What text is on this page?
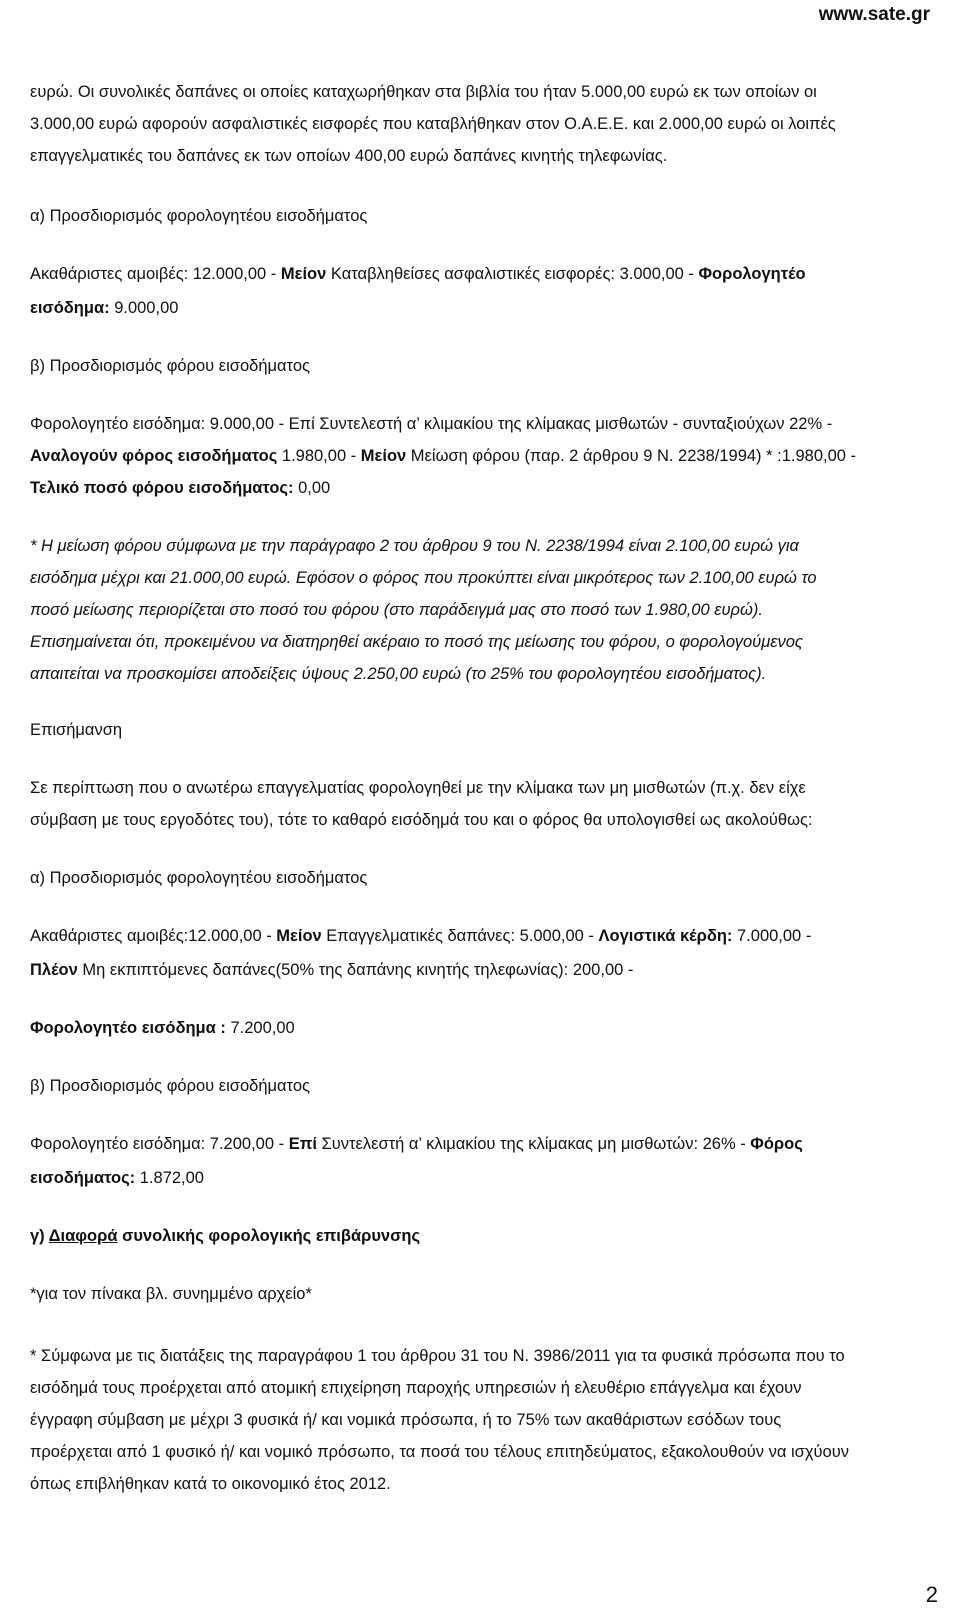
www.sate.gr
ευρώ. Οι συνολικές δαπάνες οι οποίες καταχωρήθηκαν στα βιβλία του ήταν 5.000,00 ευρώ εκ των οποίων οι
3.000,00 ευρώ αφορούν ασφαλιστικές εισφορές που καταβλήθηκαν στον Ο.Α.Ε.Ε. και 2.000,00 ευρώ οι λοιπές
επαγγελματικές του δαπάνες εκ των οποίων 400,00 ευρώ δαπάνες κινητής τηλεφωνίας.
α) Προσδιορισμός φορολογητέου εισοδήματος
Ακαθάριστες αμοιβές: 12.000,00 - Μείον Καταβληθείσες ασφαλιστικές εισφορές: 3.000,00 - Φορολογητέο
εισόδημα: 9.000,00
β) Προσδιορισμός φόρου εισοδήματος
Φορολογητέο εισόδημα: 9.000,00 - Επί Συντελεστή α’ κλιμακίου της κλίμακας μισθωτών - συνταξιούχων 22% -
Αναλογούν φόρος εισοδήματος 1.980,00 - Μείον Μείωση φόρου (παρ. 2 άρθρου 9 Ν. 2238/1994) * :1.980,00 -
Τελικό ποσό φόρου εισοδήματος: 0,00
* Η μείωση φόρου σύμφωνα με την παράγραφο 2 του άρθρου 9 του Ν. 2238/1994 είναι 2.100,00 ευρώ για
εισόδημα μέχρι και 21.000,00 ευρώ. Εφόσον ο φόρος που προκύπτει είναι μικρότερος των 2.100,00 ευρώ το
ποσό μείωσης περιορίζεται στο ποσό του φόρου (στο παράδειγμά μας στο ποσό των 1.980,00 ευρώ).
Επισημαίνεται ότι, προκειμένου να διατηρηθεί ακέραιο το ποσό της μείωσης του φόρου, ο φορολογούμενος
απαιτείται να προσκομίσει αποδείξεις ύψους 2.250,00 ευρώ (το 25% του φορολογητέου εισοδήματος).
Επισήμανση
Σε περίπτωση που ο ανωτέρω επαγγελματίας φορολογηθεί με την κλίμακα των μη μισθωτών (π.χ. δεν είχε
σύμβαση με τους εργοδότες του), τότε το καθαρό εισόδημά του και ο φόρος θα υπολογισθεί ως ακολούθως:
α) Προσδιορισμός φορολογητέου εισοδήματος
Ακαθάριστες αμοιβές:12.000,00 - Μείον Επαγγελματικές δαπάνες: 5.000,00 - Λογιστικά κέρδη: 7.000,00 -
Πλέον Μη εκπιπτόμενες δαπάνες(50% της δαπάνης κινητής τηλεφωνίας): 200,00 -
Φορολογητέο εισόδημα : 7.200,00
β) Προσδιορισμός φόρου εισοδήματος
Φορολογητέο εισόδημα: 7.200,00 - Επί Συντελεστή α’ κλιμακίου της κλίμακας μη μισθωτών: 26% - Φόρος
εισοδήματος: 1.872,00
γ) Διαφορά συνολικής φορολογικής επιβάρυνσης
*για τον πίνακα βλ. συνημμένο αρχείο*
* Σύμφωνα με τις διατάξεις της παραγράφου 1 του άρθρου 31 του Ν. 3986/2011 για τα φυσικά πρόσωπα που το
εισόδημά τους προέρχεται από ατομική επιχείρηση παροχής υπηρεσιών ή ελευθέριο επάγγελμα και έχουν
έγγραφη σύμβαση με μέχρι 3 φυσικά ή/ και νομικά πρόσωπα, ή το 75% των ακαθάριστων εσόδων τους
προέρχεται από 1 φυσικό ή/ και νομικό πρόσωπο, τα ποσά του τέλους επιτηδεύματος, εξακολουθούν να ισχύουν
όπως επιβλήθηκαν κατά το οικονομικό έτος 2012.
2
